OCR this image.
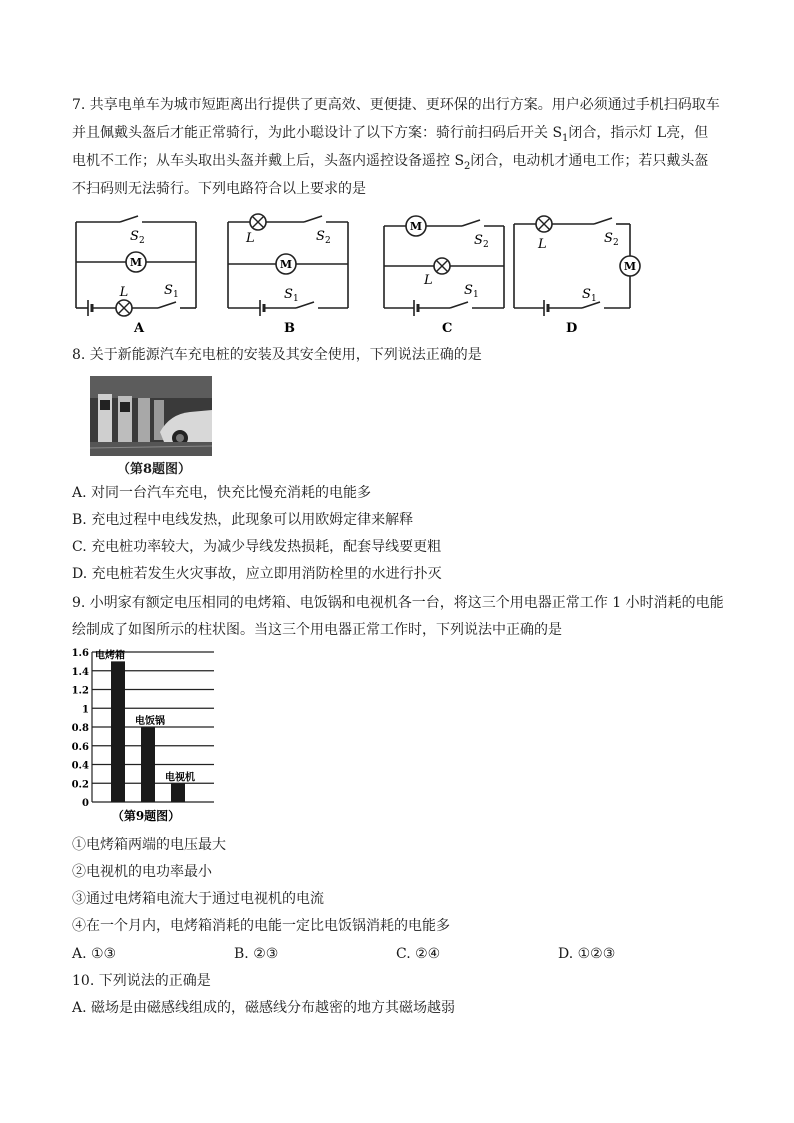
7. 共享电单车为城市短距离出行提供了更高效、更便捷、更环保的出行方案。用户必须通过手机扫码取车
并且佩戴头盔后才能正常骑行，为此小聪设计了以下方案：骑行前扫码后开关 $S_1$闭合，指示灯 L亮，但
电机不工作；从车头取出头盔并戴上后，头盔内遥控设备遥控 $S_2$闭合，电动机才通电工作；若只戴头盔
不扫码则无法骑行。下列电路符合以上要求的是
M
L
S 2
S 1
A
L
M
S 2
S 1
B
M
L
S 2
S 1
C
L
M
S 2
S 1
D
8. 关于新能源汽车充电桩的安装及其安全使用，下列说法正确的是
（第8题图）
A. 对同一台汽车充电，快充比慢充消耗的电能多
B. 充电过程中电线发热，此现象可以用欧姆定律来解释
C. 充电桩功率较大，为减少导线发热损耗，配套导线要更粗
D. 充电桩若发生火灾事故，应立即用消防栓里的水进行扑灭
9. 小明家有额定电压相同的电烤箱、电饭锅和电视机各一台，将这三个用电器正常工作 1 小时消耗的电能
绘制成了如图所示的柱状图。当这三个用电器正常工作时，下列说法中正确的是
0
0.2
0.4
0.6
0.8
1
1.2
1.4
1.6 电烤箱
电饭锅
电视机
（第9题图）
①电烤箱两端的电压最大
②电视机的电功率最小
③通过电烤箱电流大于通过电视机的电流
④在一个月内，电烤箱消耗的电能一定比电饭锅消耗的电能多
A. ①③	B. ②③	C. ②④	D. ①②③
10. 下列说法的正确是
A. 磁场是由磁感线组成的，磁感线分布越密的地方其磁场越弱
